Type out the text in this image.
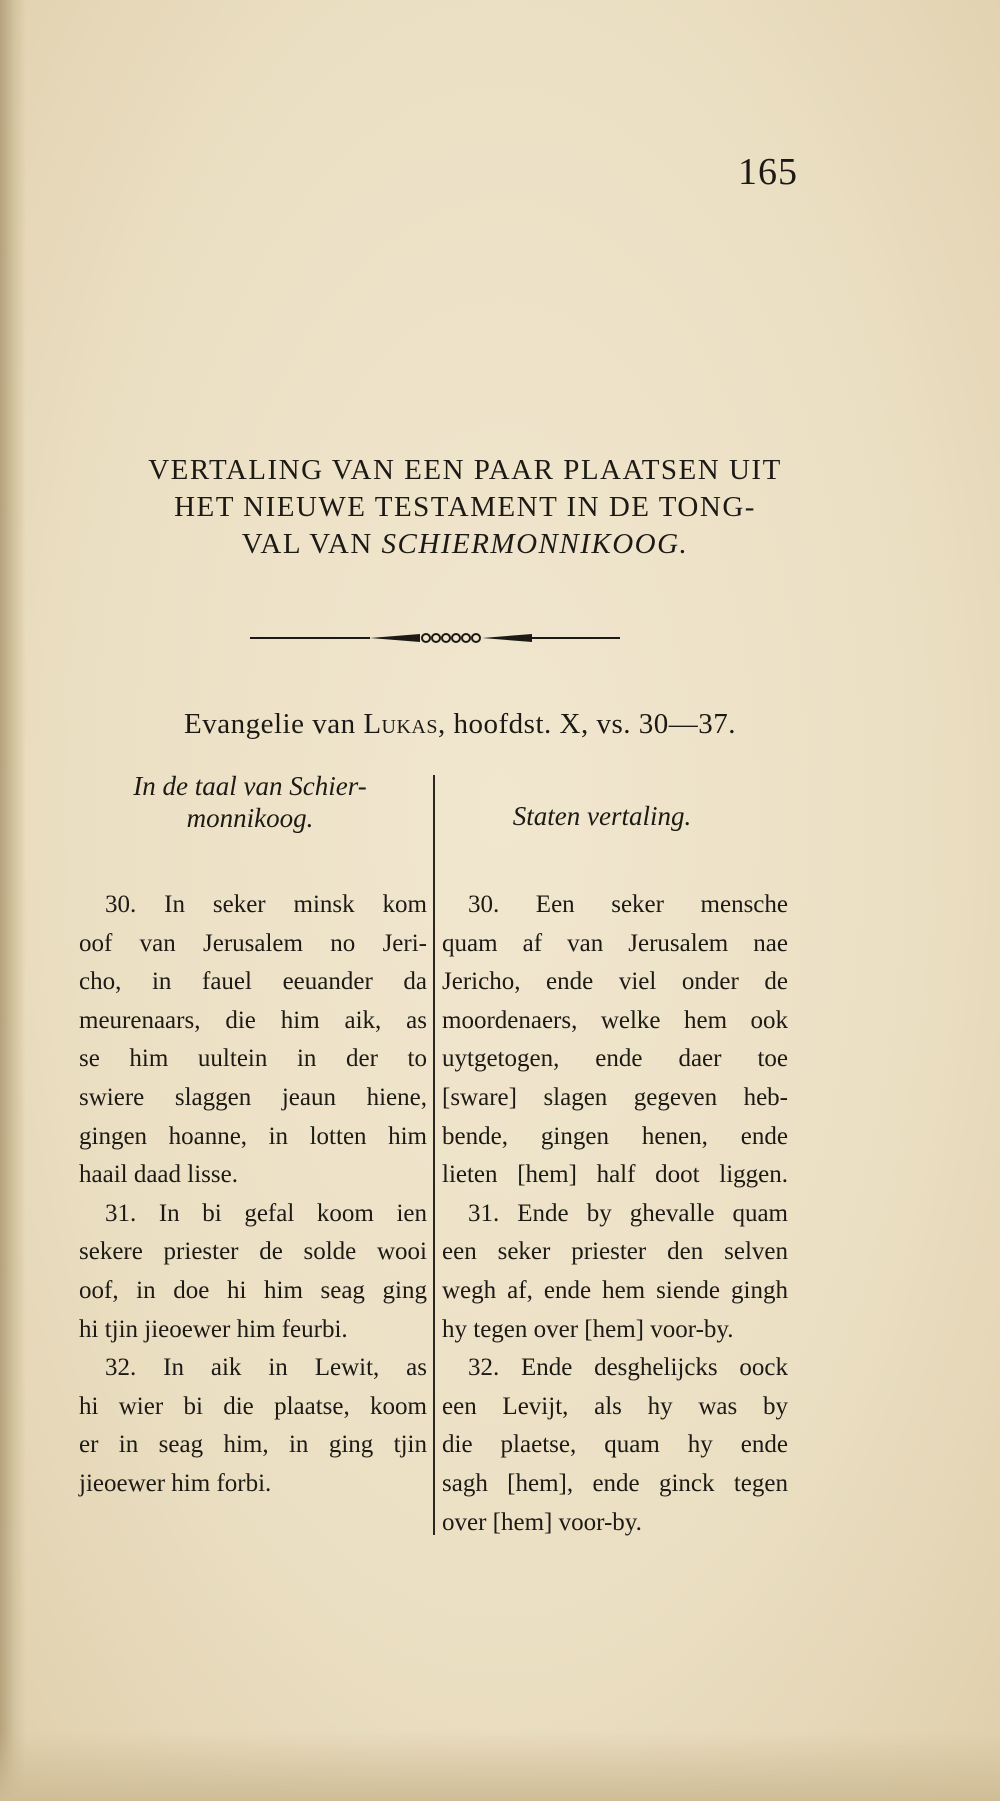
165
VERTALING VAN EEN PAAR PLAATSEN UIT
HET NIEUWE TESTAMENT IN DE TONG-
VAL VAN SCHIERMONNIKOOG.
Evangelie van Lukas, hoofdst. X, vs. 30—37.
In de taal van Schier-
monnikoog.	Staten vertaling.
30. In seker minsk kom
oof van Jerusalem no Jeri-
cho, in fauel eeuander da
meurenaars, die him aik, as
se him uultein in der to
swiere slaggen jeaun hiene,
gingen hoanne, in lotten him
haail daad lisse.
31. In bi gefal koom ien
sekere priester de solde wooi
oof, in doe hi him seag ging
hi tjin jieoewer him feurbi.
32. In aik in Lewit, as
hi wier bi die plaatse, koom
er in seag him, in ging tjin
jieoewer him forbi.
30. Een seker mensche
quam af van Jerusalem nae
Jericho, ende viel onder de
moordenaers, welke hem ook
uytgetogen, ende daer toe
[sware] slagen gegeven heb-
bende, gingen henen, ende
lieten [hem] half doot liggen.
31. Ende by ghevalle quam
een seker priester den selven
wegh af, ende hem siende gingh
hy tegen over [hem] voor-by.
32. Ende desghelijcks oock
een Levijt, als hy was by
die plaetse, quam hy ende
sagh [hem], ende ginck tegen
over [hem] voor-by.
